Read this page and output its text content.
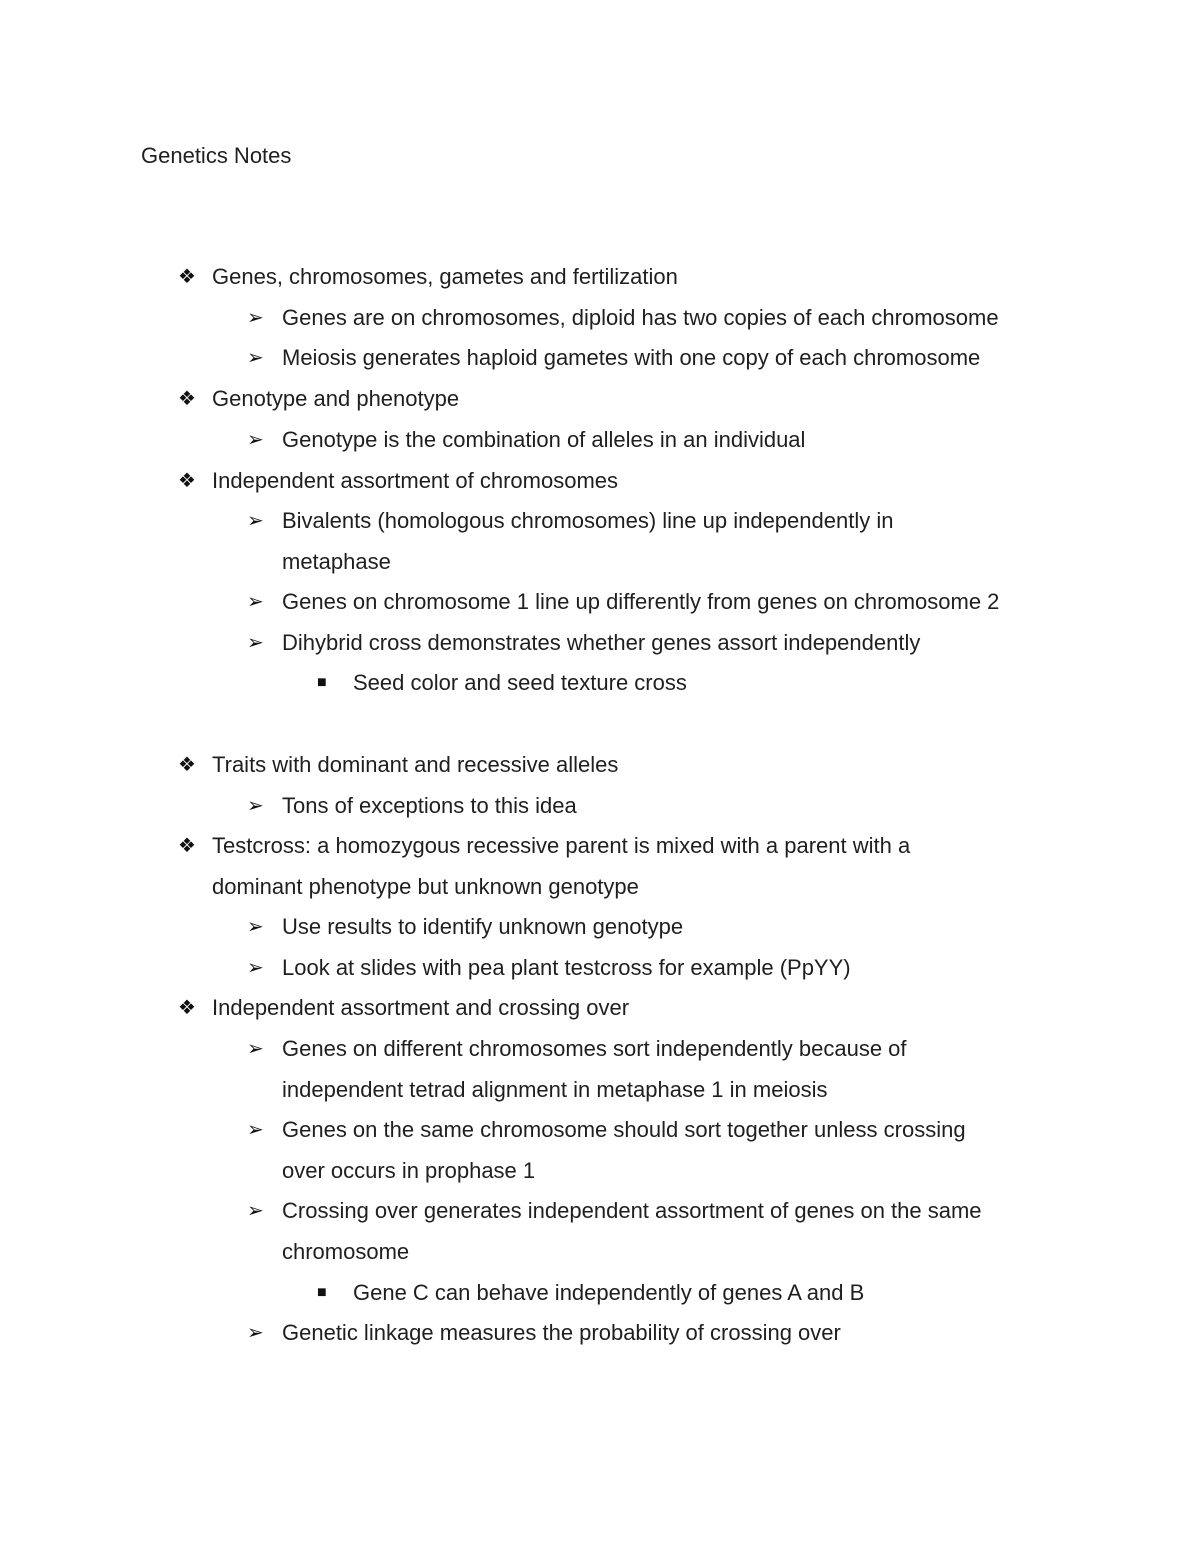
Genetics Notes
❖ Genes, chromosomes, gametes and fertilization
➢ Genes are on chromosomes, diploid has two copies of each chromosome
➢ Meiosis generates haploid gametes with one copy of each chromosome
❖ Genotype and phenotype
➢ Genotype is the combination of alleles in an individual
❖ Independent assortment of chromosomes
➢ Bivalents (homologous chromosomes) line up independently in
metaphase
➢ Genes on chromosome 1 line up differently from genes on chromosome 2
➢ Dihybrid cross demonstrates whether genes assort independently
■ Seed color and seed texture cross
❖ Traits with dominant and recessive alleles
➢ Tons of exceptions to this idea
❖ Testcross: a homozygous recessive parent is mixed with a parent with a
dominant phenotype but unknown genotype
➢ Use results to identify unknown genotype
➢ Look at slides with pea plant testcross for example (PpYY)
❖ Independent assortment and crossing over
➢ Genes on different chromosomes sort independently because of
independent tetrad alignment in metaphase 1 in meiosis
➢ Genes on the same chromosome should sort together unless crossing
over occurs in prophase 1
➢ Crossing over generates independent assortment of genes on the same
chromosome
■ Gene C can behave independently of genes A and B
➢ Genetic linkage measures the probability of crossing over
